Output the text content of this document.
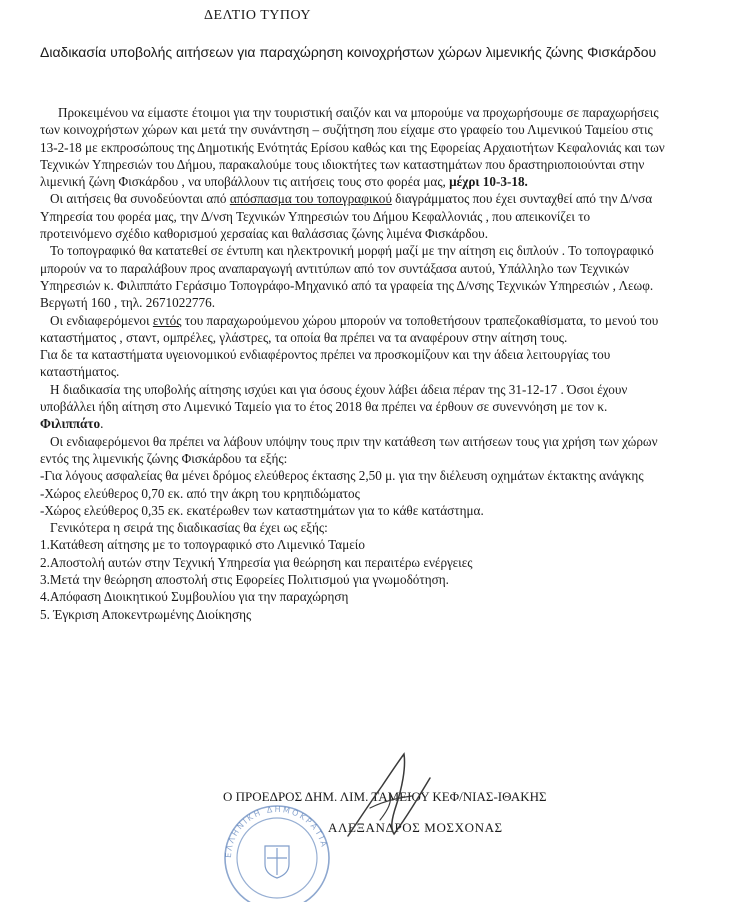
ΔΕΛΤΙΟ ΤΥΠΟΥ
Διαδικασία υποβολής αιτήσεων για παραχώρηση κοινοχρήστων χώρων λιμενικής ζώνης Φισκάρδου

Προκειμένου να είμαστε έτοιμοι για την τουριστική σαιζόν και να μπορούμε να προχωρήσουμε σε παραχωρήσεις των κοινοχρήστων χώρων και μετά την συνάντηση – συζήτηση που είχαμε στο γραφείο του Λιμενικού Ταμείου στις 13-2-18 με εκπροσώπους της Δημοτικής Ενότητάς Ερίσου καθώς και της Εφορείας Αρχαιοτήτων Κεφαλονιάς και των Τεχνικών Υπηρεσιών του Δήμου, παρακαλούμε τους ιδιοκτήτες των καταστημάτων που δραστηριοποιούνται στην λιμενική ζώνη Φισκάρδου , να υποβάλλουν τις αιτήσεις τους στο φορέα μας, μέχρι 10-3-18.

Οι αιτήσεις θα συνοδεύονται από απόσπασμα του τοπογραφικού διαγράμματος που έχει συνταχθεί από την Δ/νσα Υπηρεσία του φορέα μας, την Δ/νση Τεχνικών Υπηρεσιών του Δήμου Κεφαλλονιάς , που απεικονίζει το προτεινόμενο σχέδιο καθορισμού χερσαίας και θαλάσσιας ζώνης λιμένα Φισκάρδου.

Το τοπογραφικό θα κατατεθεί σε έντυπη και ηλεκτρονική μορφή μαζί με την αίτηση εις διπλούν . Το τοπογραφικό μπορούν να το παραλάβουν προς αναπαραγωγή αντιτύπων από τον συντάξασα αυτού, Υπάλληλο των Τεχνικών Υπηρεσιών κ. Φιλιππάτο Γεράσιμο Τοπογράφο-Μηχανικό από τα γραφεία της Δ/νσης Τεχνικών Υπηρεσιών , Λεωφ. Βεργωτή 160 , τηλ. 2671022776.

Οι ενδιαφερόμενοι εντός του παραχωρούμενου χώρου μπορούν να τοποθετήσουν τραπεζοκαθίσματα, το μενού του καταστήματος , σταντ, ομπρέλες, γλάστρες, τα οποία θα πρέπει να τα αναφέρουν στην αίτηση τους.

Για δε τα καταστήματα υγειονομικού ενδιαφέροντος πρέπει να προσκομίζουν και την άδεια λειτουργίας του καταστήματος.

Η διαδικασία της υποβολής αίτησης ισχύει και για όσους έχουν λάβει άδεια πέραν της 31-12-17 . Όσοι έχουν υποβάλλει ήδη αίτηση στο Λιμενικό Ταμείο για το έτος 2018 θα πρέπει να έρθουν σε συνεννόηση με τον κ. Φιλιππάτο.

Οι ενδιαφερόμενοι θα πρέπει να λάβουν υπόψην τους πριν την κατάθεση των αιτήσεων τους για χρήση των χώρων εντός της λιμενικής ζώνης Φισκάρδου τα εξής:

-Για λόγους ασφαλείας θα μένει δρόμος ελεύθερος έκτασης 2,50 μ. για την διέλευση οχημάτων έκτακτης ανάγκης

-Χώρος ελεύθερος 0,70 εκ. από την άκρη του κρηπιδώματος

-Χώρος ελεύθερος 0,35 εκ. εκατέρωθεν των καταστημάτων για το κάθε κατάστημα.

Γενικότερα η σειρά της διαδικασίας θα έχει ως εξής:

1.Κατάθεση αίτησης με το τοπογραφικό στο Λιμενικό Ταμείο

2.Αποστολή αυτών στην Τεχνική Υπηρεσία για θεώρηση και περαιτέρω ενέργειες

3.Μετά την θεώρηση αποστολή στις Εφορείες Πολιτισμού για γνωμοδότηση.

4.Απόφαση Διοικητικού Συμβουλίου για την παραχώρηση

5. Έγκριση Αποκεντρωμένης Διοίκησης

ΕΛΛΗΝΙΚΗ ΔΗΜΟΚΡΑΤΙΑ
Ο ΠΡΟΕΔΡΟΣ ΔΗΜ. ΛΙΜ. ΤΑΜΕΙΟΥ ΚΕΦ/ΝΙΑΣ-ΙΘΑΚΗΣ
ΑΛΕΞΑΝΔΡΟΣ ΜΟΣΧΟΝΑΣ
